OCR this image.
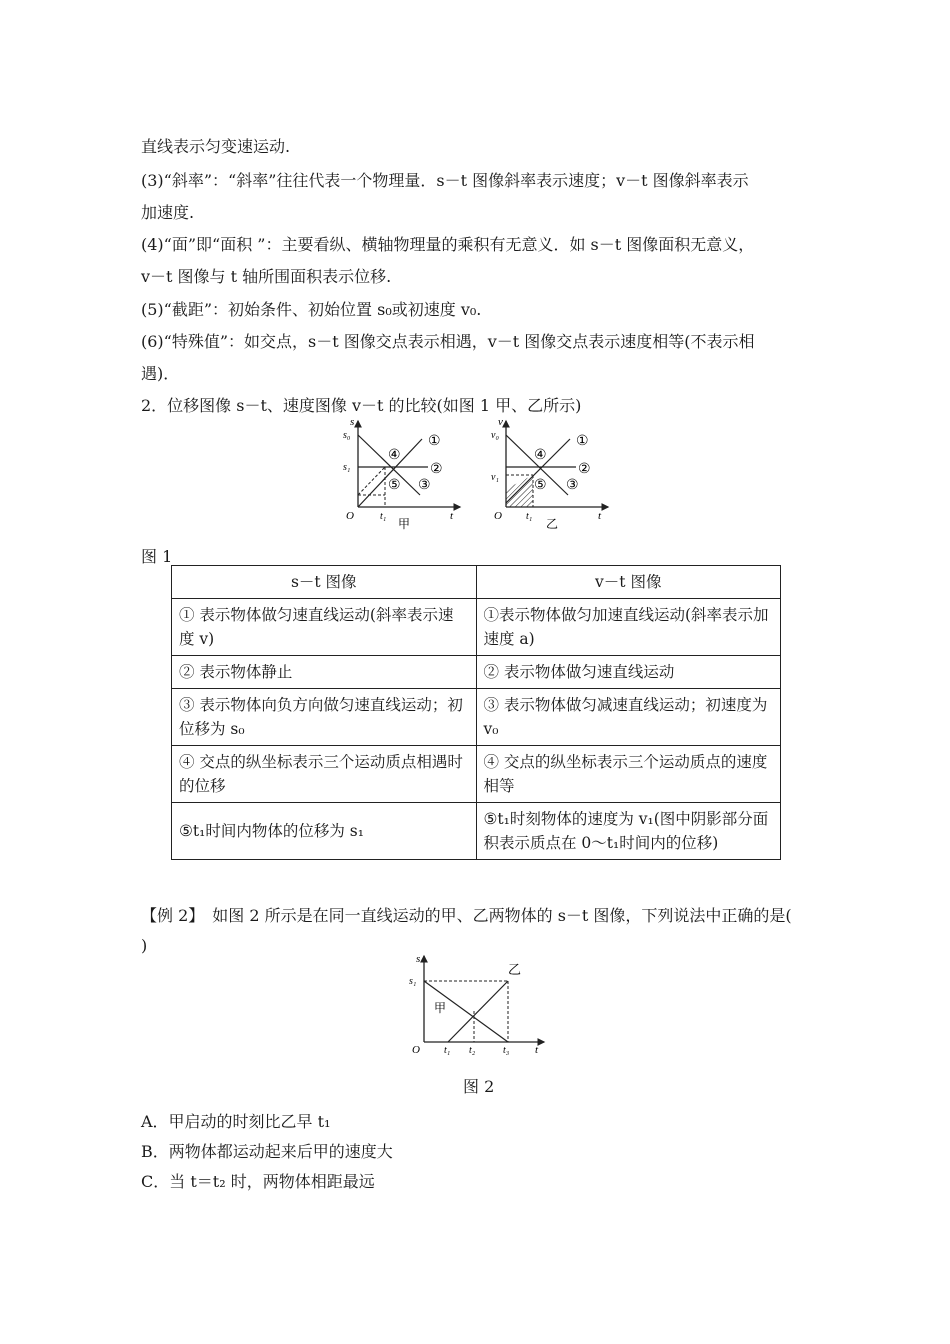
直线表示匀变速运动.
(3)“斜率”：“斜率”往往代表一个物理量．s－t 图像斜率表示速度；v－t 图像斜率表示
加速度.
(4)“面”即“面积 ”：主要看纵、横轴物理量的乘积有无意义．如 s－t 图像面积无意义，
v－t 图像与 t 轴所围面积表示位移.
(5)“截距”：初始条件、初始位置 s₀或初速度 v₀.
(6)“特殊值”：如交点，s－t 图像交点表示相遇，v－t 图像交点表示速度相等(不表示相
遇)．
2．位移图像 s－t、速度图像 v－t 的比较(如图 1 甲、乙所示)
s
s₀
s₁
O	t₁	t
①
②
③
④
⑤
甲
v
v₀
v₁
O t₁	t
①
②
③
④
⑤
乙
图 1
s－t 图像	v－t 图像
① 表示物体做匀速直线运动(斜率表示速度 v)	①表示物体做匀加速直线运动(斜率表示加速度 a)
② 表示物体静止	② 表示物体做匀速直线运动
③ 表示物体向负方向做匀速直线运动；初位移为 s₀	③ 表示物体做匀减速直线运动；初速度为 v₀
④ 交点的纵坐标表示三个运动质点相遇时的位移	④ 交点的纵坐标表示三个运动质点的速度相等
⑤t₁时间内物体的位移为 s₁	⑤t₁时刻物体的速度为 v₁(图中阴影部分面积表示质点在 0～t₁时间内的位移)
【例 2】　如图 2 所示是在同一直线运动的甲、乙两物体的 s－t 图像，下列说法中正确的是(
)
s
s₁
O t₁ t₂	t₃ t
甲
乙
图 2
A．甲启动的时刻比乙早 t₁
B．两物体都运动起来后甲的速度大
C．当 t＝t₂ 时，两物体相距最远
